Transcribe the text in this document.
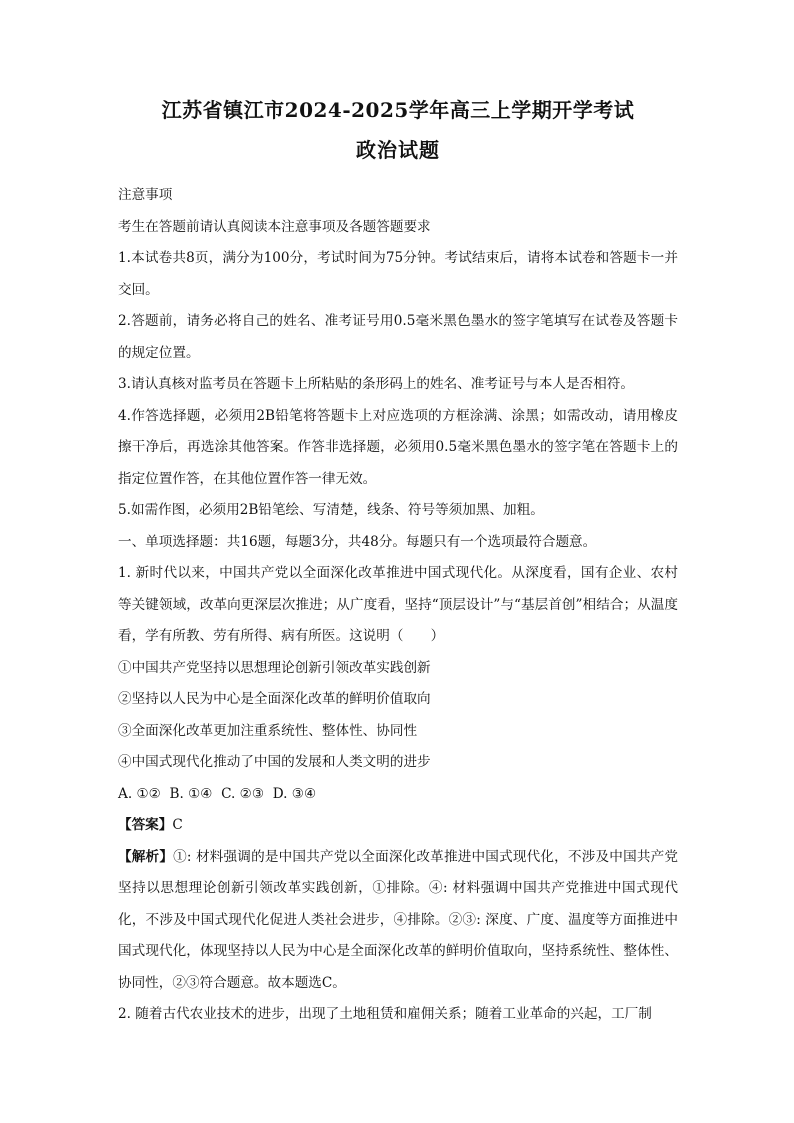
江苏省镇江市2024-2025学年高三上学期开学考试
政治试题

注意事项

考生在答题前请认真阅读本注意事项及各题答题要求

1.本试卷共8页，满分为100分，考试时间为75分钟。考试结束后，请将本试卷和答题卡一并交回。

2.答题前，请务必将自己的姓名、准考证号用0.5毫米黑色墨水的签字笔填写在试卷及答题卡的规定位置。

3.请认真核对监考员在答题卡上所粘贴的条形码上的姓名、准考证号与本人是否相符。

4.作答选择题，必须用2B铅笔将答题卡上对应选项的方框涂满、涂黑；如需改动，请用橡皮擦干净后，再选涂其他答案。作答非选择题，必须用0.5毫米黑色墨水的签字笔在答题卡上的指定位置作答，在其他位置作答一律无效。

5.如需作图，必须用2B铅笔绘、写清楚，线条、符号等须加黑、加粗。

一、单项选择题：共16题，每题3分，共48分。每题只有一个选项最符合题意。

1. 新时代以来，中国共产党以全面深化改革推进中国式现代化。从深度看，国有企业、农村等关键领域，改革向更深层次推进；从广度看，坚持“顶层设计”与“基层首创”相结合；从温度看，学有所教、劳有所得、病有所医。这说明（　　）

①中国共产党坚持以思想理论创新引领改革实践创新

②坚持以人民为中心是全面深化改革的鲜明价值取向

③全面深化改革更加注重系统性、整体性、协同性

④中国式现代化推动了中国的发展和人类文明的进步

A. ①②  B. ①④  C. ②③  D. ③④

【答案】C

【解析】①: 材料强调的是中国共产党以全面深化改革推进中国式现代化，不涉及中国共产党坚持以思想理论创新引领改革实践创新，①排除。④: 材料强调中国共产党推进中国式现代化，不涉及中国式现代化促进人类社会进步，④排除。②③: 深度、广度、温度等方面推进中国式现代化，体现坚持以人民为中心是全面深化改革的鲜明价值取向，坚持系统性、整体性、协同性，②③符合题意。故本题选C。

2. 随着古代农业技术的进步，出现了土地租赁和雇佣关系；随着工业革命的兴起，工厂制
